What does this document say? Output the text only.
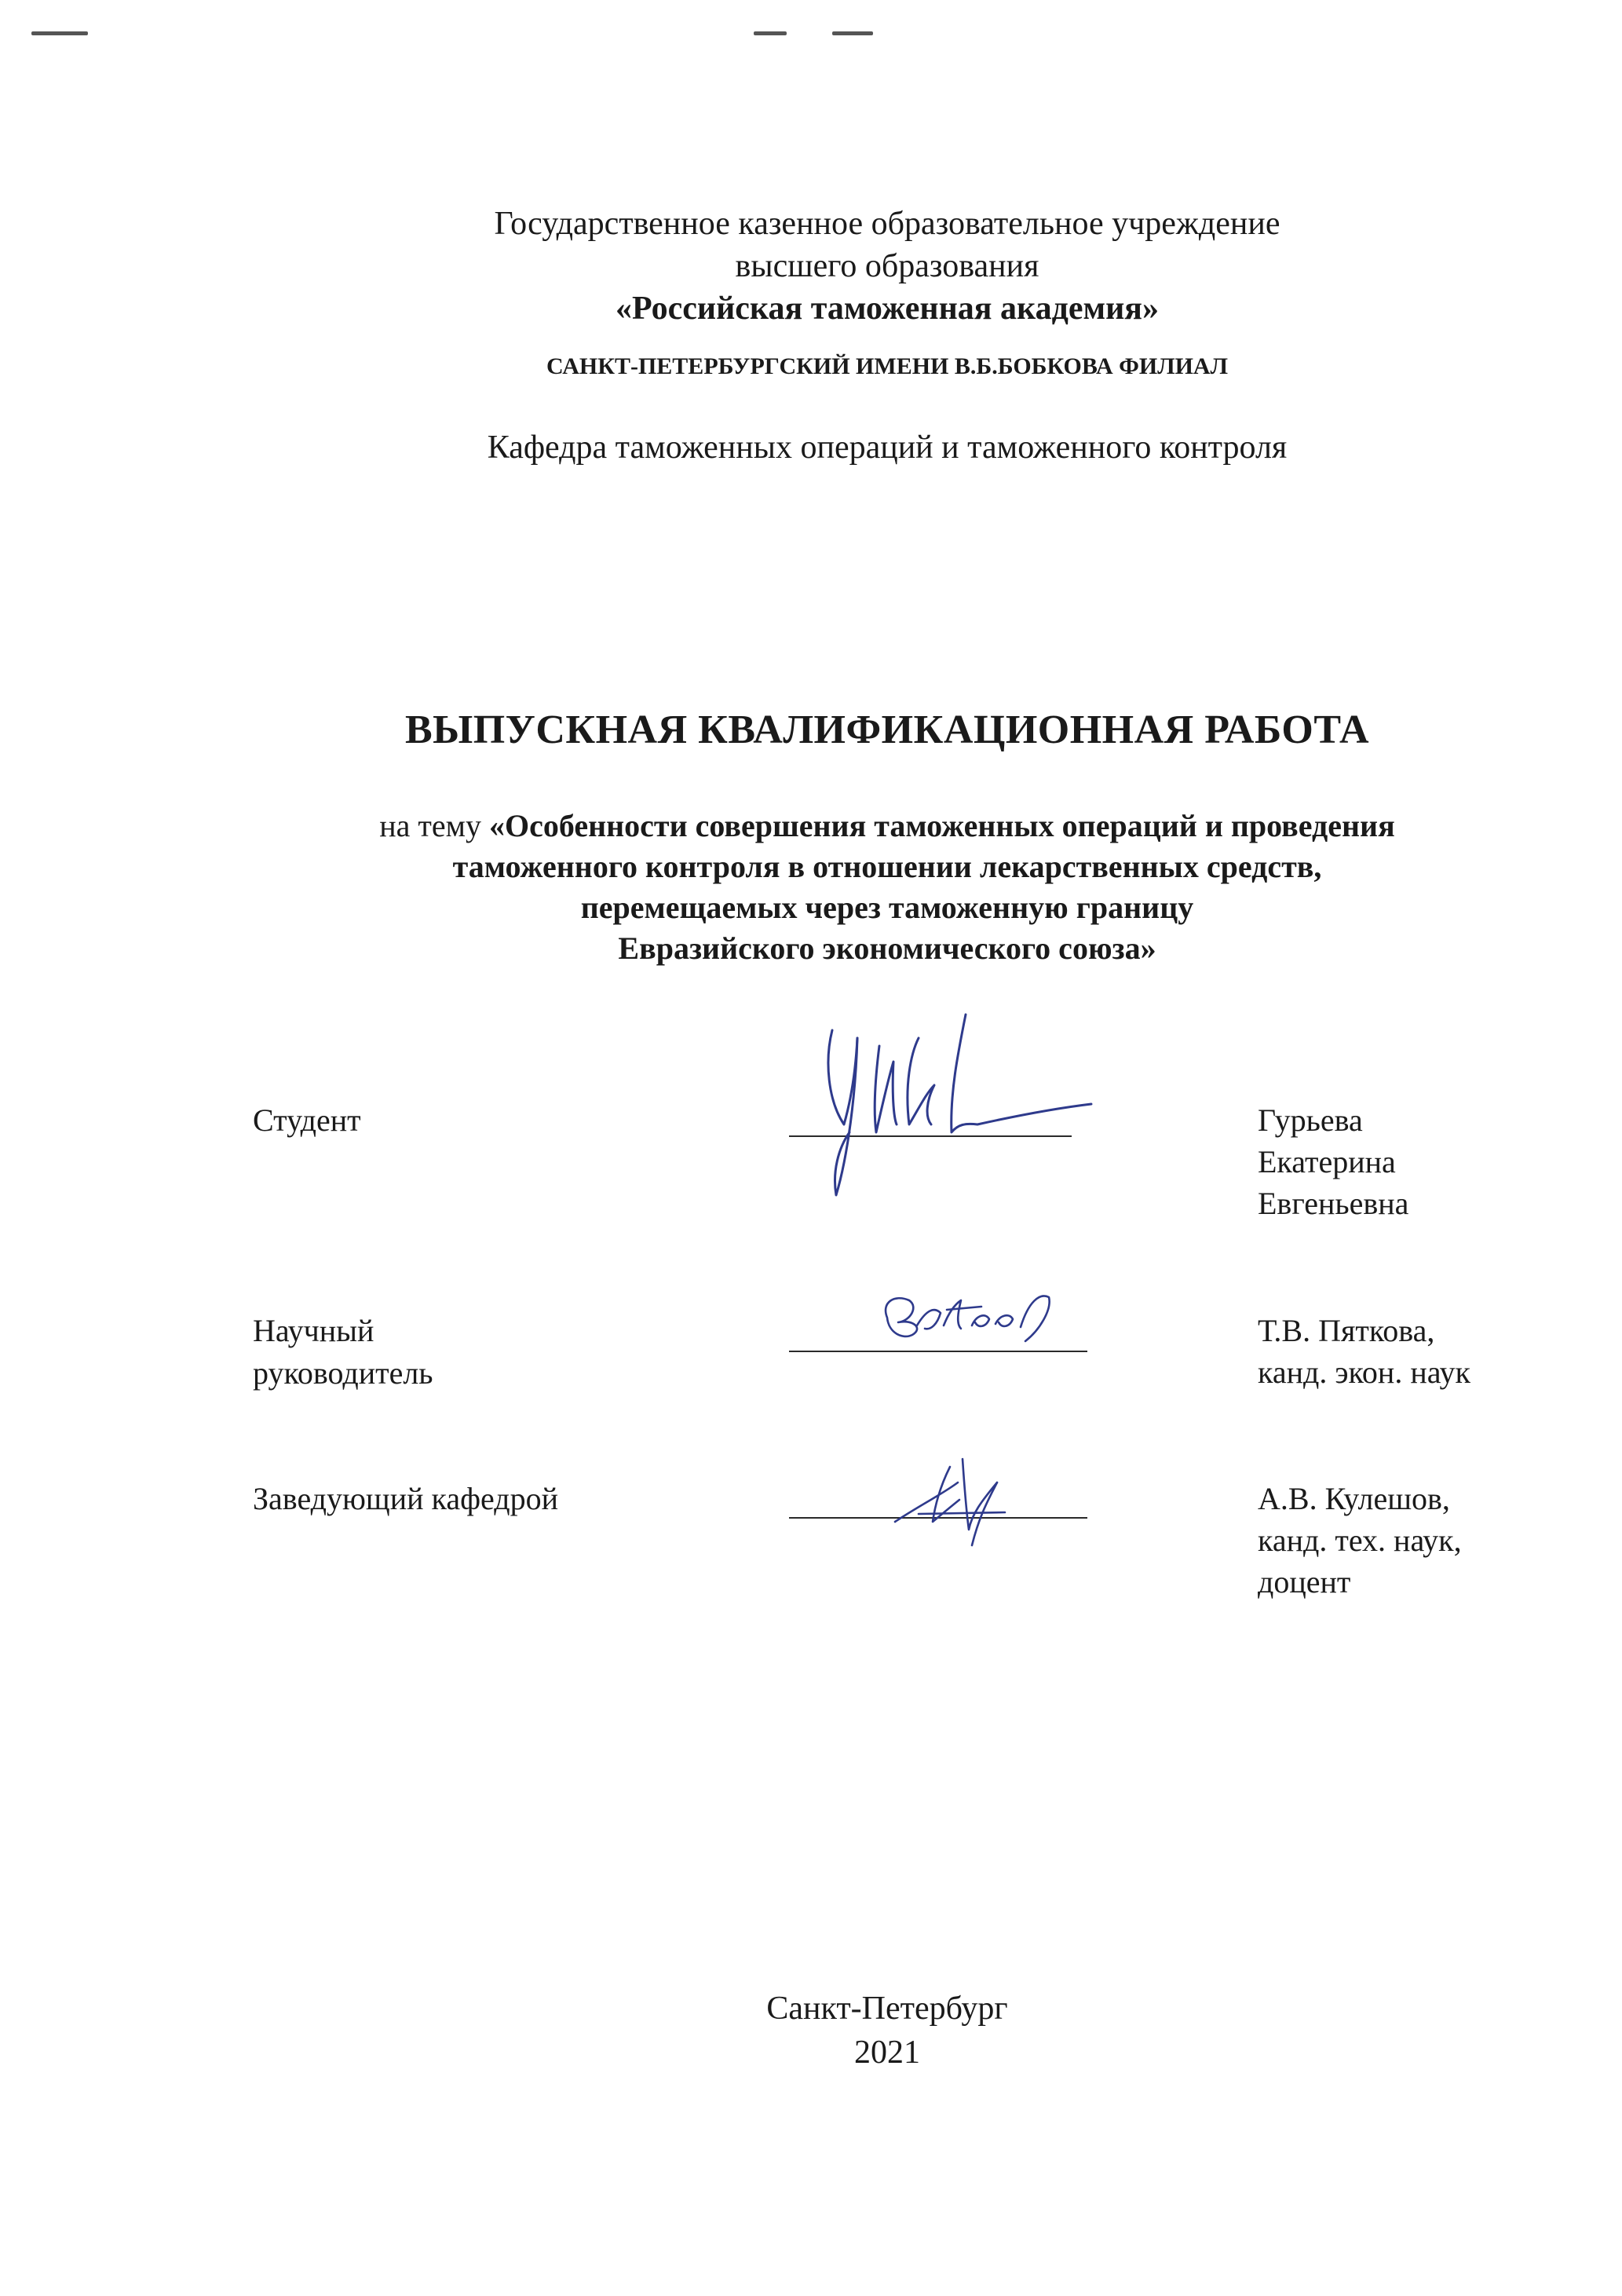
Государственное казенное образовательное учреждение
высшего образования
«Российская таможенная академия»
САНКТ-ПЕТЕРБУРГСКИЙ ИМЕНИ В.Б.БОБКОВА ФИЛИАЛ
Кафедра таможенных операций и таможенного контроля
ВЫПУСКНАЯ КВАЛИФИКАЦИОННАЯ РАБОТА
на тему «Особенности совершения таможенных операций и проведения
таможенного контроля в отношении лекарственных средств,
перемещаемых через таможенную границу
Евразийского экономического союза»
Студент	Гурьева
Екатерина
Евгеньевна
Научный
руководитель
Т.В. Пяткова,
канд. экон. наук
Заведующий кафедрой	А.В. Кулешов,
канд. тех. наук,
доцент
Санкт-Петербург
2021
